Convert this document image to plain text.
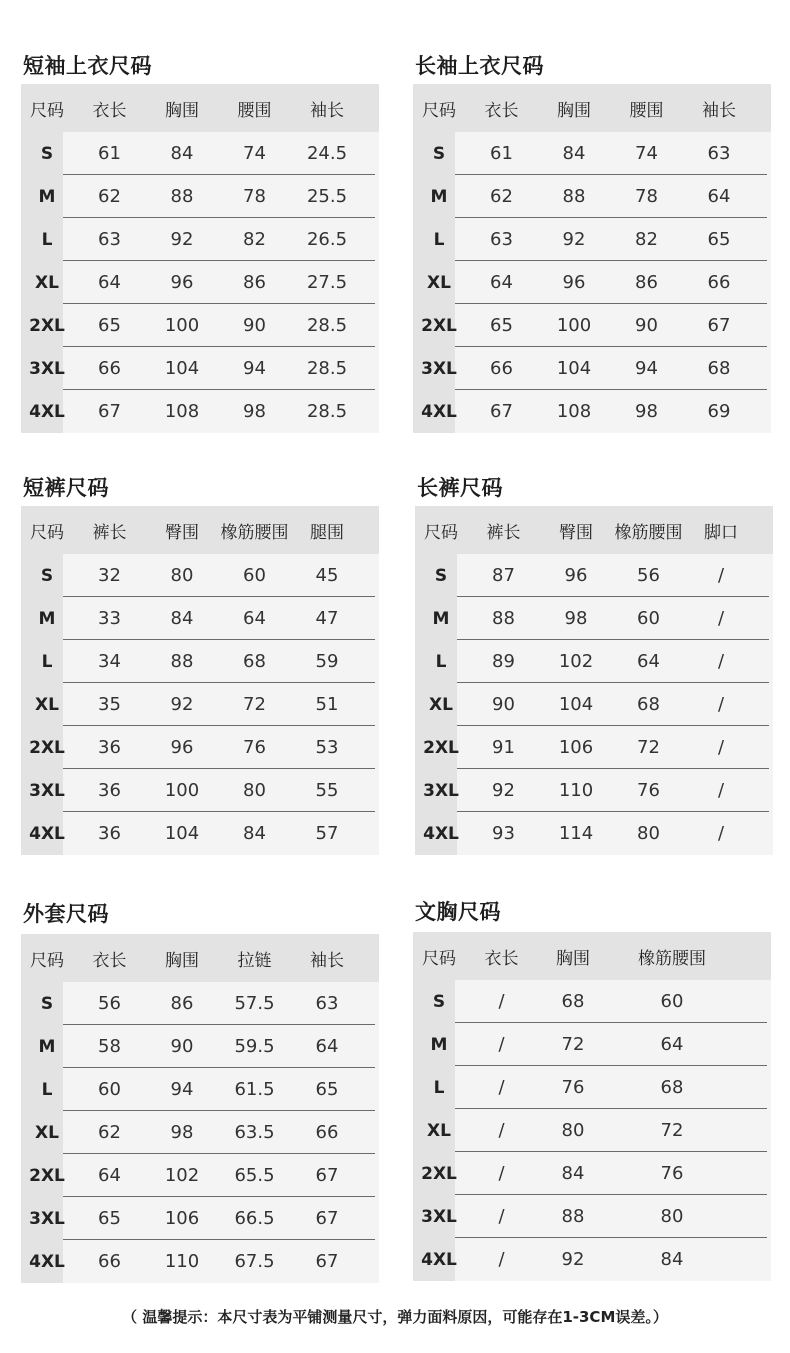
短袖上衣尺码
尺码	衣长	胸围	腰围	袖长
S	61	84	74	24.5
M	62	88	78	25.5
L	63	92	82	26.5
XL	64	96	86	27.5
2XL	65	100	90	28.5
3XL	66	104	94	28.5
4XL	67	108	98	28.5
长袖上衣尺码
尺码	衣长	胸围	腰围	袖长
S	61	84	74	63
M	62	88	78	64
L	63	92	82	65
XL	64	96	86	66
2XL	65	100	90	67
3XL	66	104	94	68
4XL	67	108	98	69
短裤尺码
尺码	裤长	臀围	橡筋腰围	腿围
S	32	80	60	45
M	33	84	64	47
L	34	88	68	59
XL	35	92	72	51
2XL	36	96	76	53
3XL	36	100	80	55
4XL	36	104	84	57
长裤尺码
尺码	裤长	臀围	橡筋腰围	脚口
S	87	96	56	/
M	88	98	60	/
L	89	102	64	/
XL	90	104	68	/
2XL	91	106	72	/
3XL	92	110	76	/
4XL	93	114	80	/
外套尺码
尺码	衣长	胸围	拉链	袖长
S	56	86	57.5	63
M	58	90	59.5	64
L	60	94	61.5	65
XL	62	98	63.5	66
2XL	64	102	65.5	67
3XL	65	106	66.5	67
4XL	66	110	67.5	67
文胸尺码
尺码	衣长	胸围	橡筋腰围
S	/	68	60
M	/	72	64
L	/	76	68
XL	/	80	72
2XL	/	84	76
3XL	/	88	80
4XL	/	92	84
（ 温馨提示：本尺寸表为平铺测量尺寸，弹力面料原因，可能存在1-3CM误差。）
